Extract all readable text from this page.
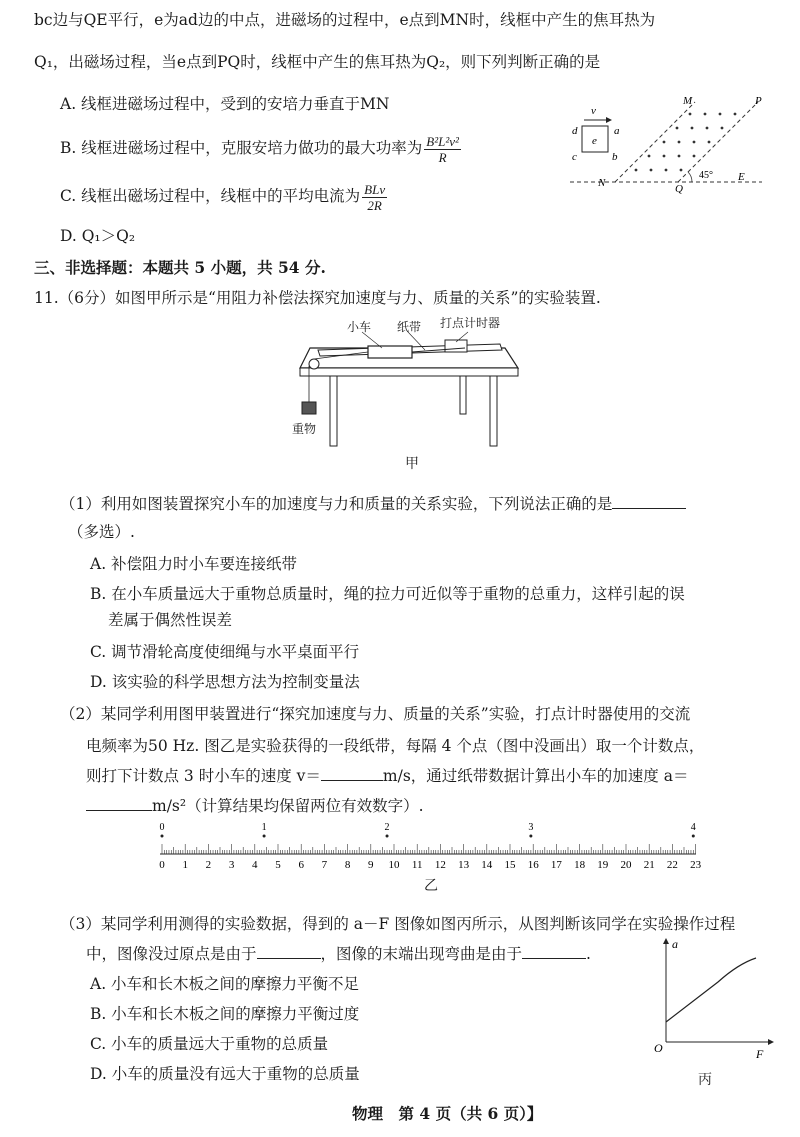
bc边与QE平行，e为ad边的中点，进磁场的过程中，e点到MN时，线框中产生的焦耳热为
Q₁，出磁场过程，当e点到PQ时，线框中产生的焦耳热为Q₂，则下列判断正确的是
A. 线框进磁场过程中，受到的安培力垂直于MN
B. 线框进磁场过程中，克服安培力做功的最大功率为 $\frac{\text{B²L²v²}}{R}$
C. 线框出磁场过程中，线框中的平均电流为 $\frac{\text{BLv}}{2R}$
D. Q₁＞Q₂
v
d	a
c	b
e
M	P
N	Q
E
45°
三、非选择题：本题共 5 小题，共 54 分.
11.（6分）如图甲所示是“用阻力补偿法探究加速度与力、质量的关系”的实验装置.
小车 纸带 打点计时器
重物
甲
（1）利用如图装置探究小车的加速度与力和质量的关系实验，下列说法正确的是
（多选）.
A. 补偿阻力时小车要连接纸带
B. 在小车质量远大于重物总质量时，绳的拉力可近似等于重物的总重力，这样引起的误
差属于偶然性误差
C. 调节滑轮高度使细绳与水平桌面平行
D. 该实验的科学思想方法为控制变量法
（2）某同学利用图甲装置进行“探究加速度与力、质量的关系”实验，打点计时器使用的交流
电频率为50 Hz. 图乙是实验获得的一段纸带，每隔 4 个点（图中没画出）取一个计数点，
则打下计数点 3 时小车的速度 v＝	m/s，通过纸带数据计算出小车的加速度 a＝
m/s²（计算结果均保留两位有效数字）.
0 1 2 3 4 5 6 7 8 9 10 11 12 13 14 15 16 17 18 19 20 21 22 23
0	1	2	3	4
乙
（3）某同学利用测得的实验数据，得到的 a－F 图像如图丙所示，从图判断该同学在实验操作过程
中，图像没过原点是由于	，图像的末端出现弯曲是由于	.
A. 小车和长木板之间的摩擦力平衡不足
B. 小车和长木板之间的摩擦力平衡过度
C. 小车的质量远大于重物的总质量
D. 小车的质量没有远大于重物的总质量
a
F
O
丙
物理　第 4 页（共 6 页）】
